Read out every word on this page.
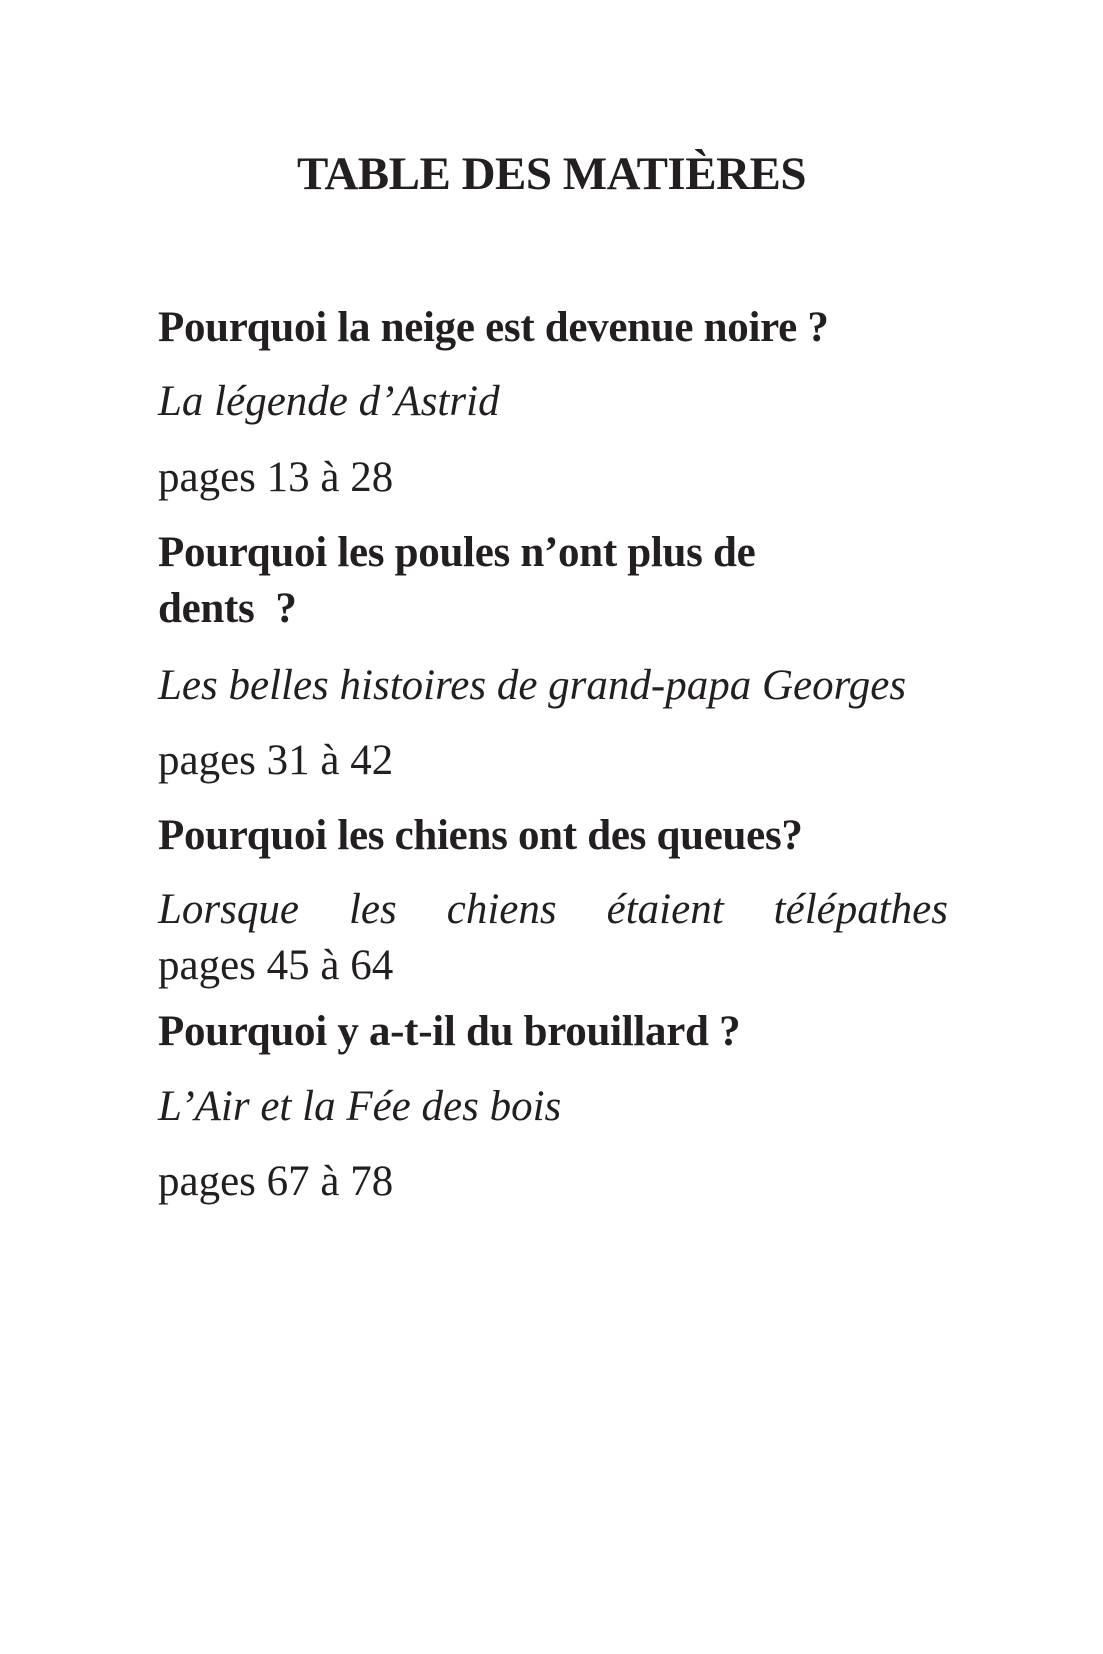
TABLE DES MATIÈRES
Pourquoi la neige est devenue noire ?
La légende d’Astrid
pages 13 à 28
Pourquoi les poules n’ont plus de
dents  ?
Les belles histoires de grand-papa Georges
pages 31 à 42
Pourquoi les chiens ont des queues?
Lorsque les chiens étaient télépathes
pages 45 à 64
Pourquoi y a-t-il du brouillard ?
L’Air et la Fée des bois
pages 67 à 78
